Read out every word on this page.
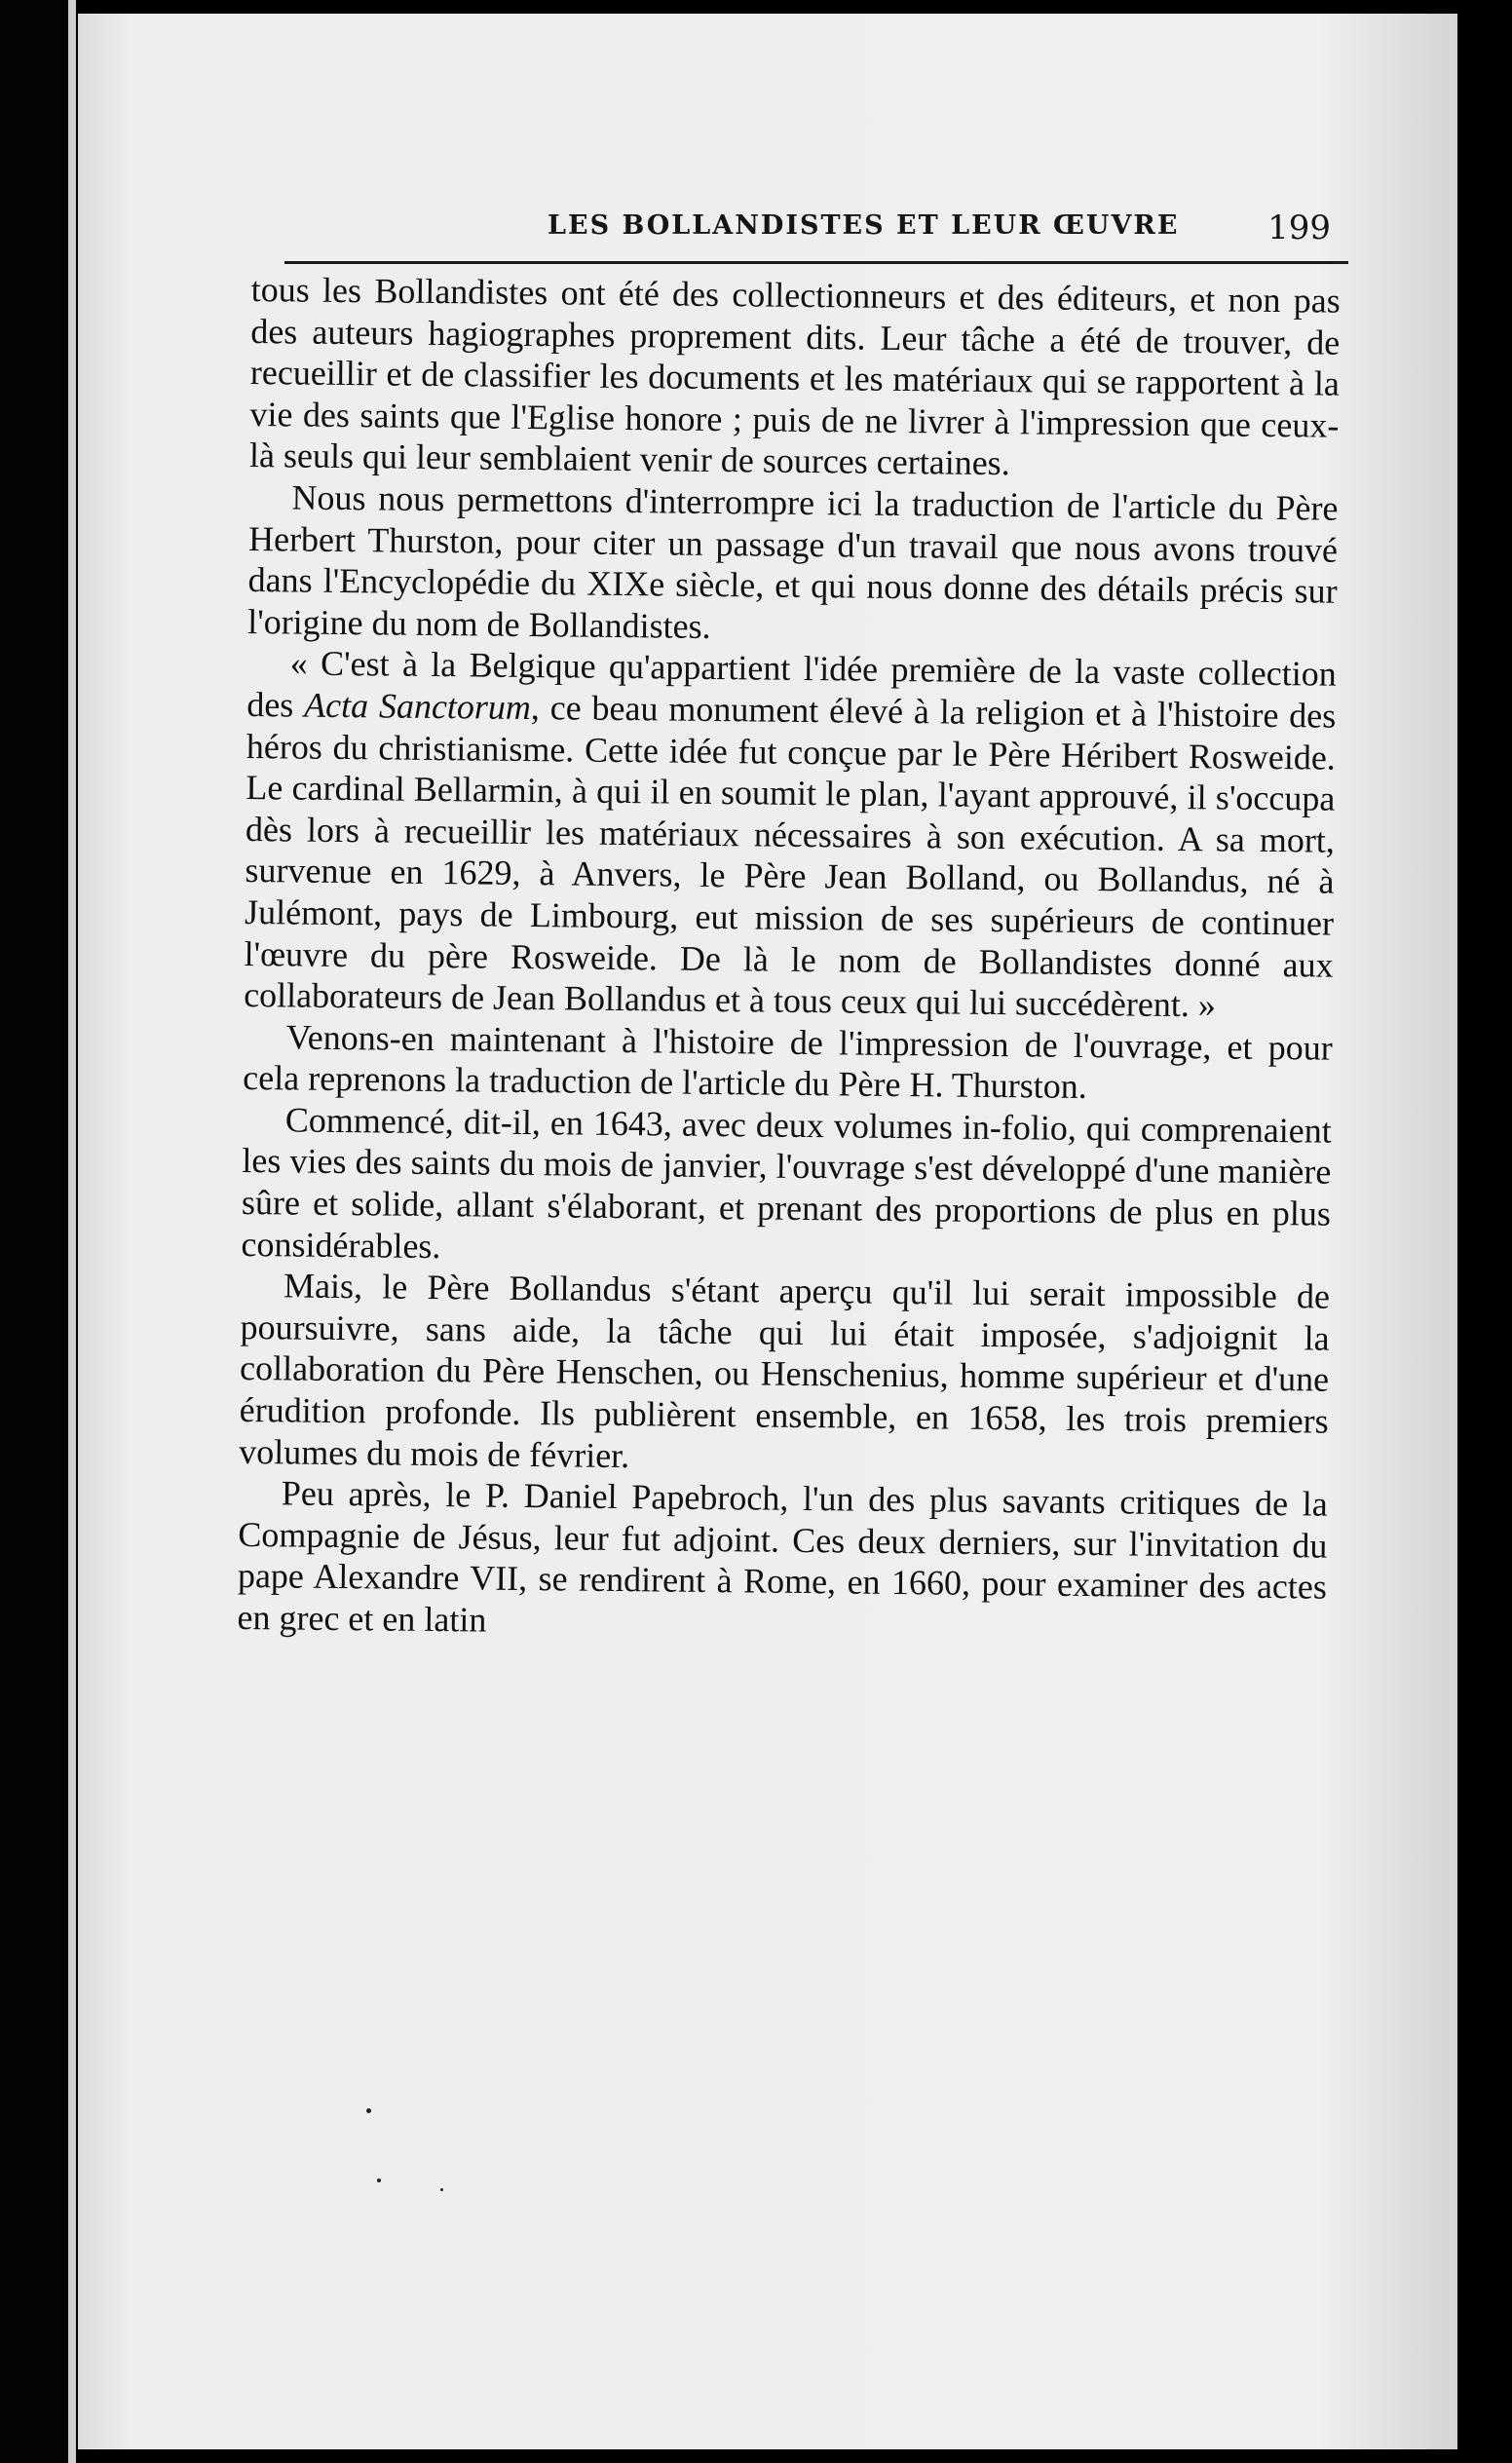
LES BOLLANDISTES ET LEUR ŒUVRE	199

tous les Bollandistes ont été des collectionneurs et des éditeurs, et non pas des auteurs hagiographes proprement dits. Leur tâche a été de trouver, de recueillir et de classifier les documents et les matériaux qui se rapportent à la vie des saints que l'Eglise honore ; puis de ne livrer à l'impression que ceux-là seuls qui leur semblaient venir de sources certaines.

Nous nous permettons d'interrompre ici la traduction de l'article du Père Herbert Thurston, pour citer un passage d'un travail que nous avons trouvé dans l'Encyclopédie du XIXe siècle, et qui nous donne des détails précis sur l'origine du nom de Bollandistes.

« C'est à la Belgique qu'appartient l'idée première de la vaste collection des Acta Sanctorum, ce beau monument élevé à la religion et à l'histoire des héros du christianisme. Cette idée fut conçue par le Père Héribert Rosweide. Le cardinal Bellarmin, à qui il en soumit le plan, l'ayant approuvé, il s'occupa dès lors à recueillir les matériaux nécessaires à son exécution. A sa mort, survenue en 1629, à Anvers, le Père Jean Bolland, ou Bollandus, né à Julémont, pays de Limbourg, eut mission de ses supérieurs de continuer l'œuvre du père Rosweide. De là le nom de Bollandistes donné aux collaborateurs de Jean Bollandus et à tous ceux qui lui succédèrent. »

Venons-en maintenant à l'histoire de l'impression de l'ouvrage, et pour cela reprenons la traduction de l'article du Père H. Thurston.

Commencé, dit-il, en 1643, avec deux volumes in-folio, qui comprenaient les vies des saints du mois de janvier, l'ouvrage s'est développé d'une manière sûre et solide, allant s'élaborant, et prenant des proportions de plus en plus considérables.

Mais, le Père Bollandus s'étant aperçu qu'il lui serait impossible de poursuivre, sans aide, la tâche qui lui était imposée, s'adjoignit la collaboration du Père Henschen, ou Henschenius, homme supérieur et d'une érudition profonde. Ils publièrent ensemble, en 1658, les trois premiers volumes du mois de février.

Peu après, le P. Daniel Papebroch, l'un des plus savants critiques de la Compagnie de Jésus, leur fut adjoint. Ces deux derniers, sur l'invitation du pape Alexandre VII, se rendirent à Rome, en 1660, pour examiner des actes en grec et en latin
